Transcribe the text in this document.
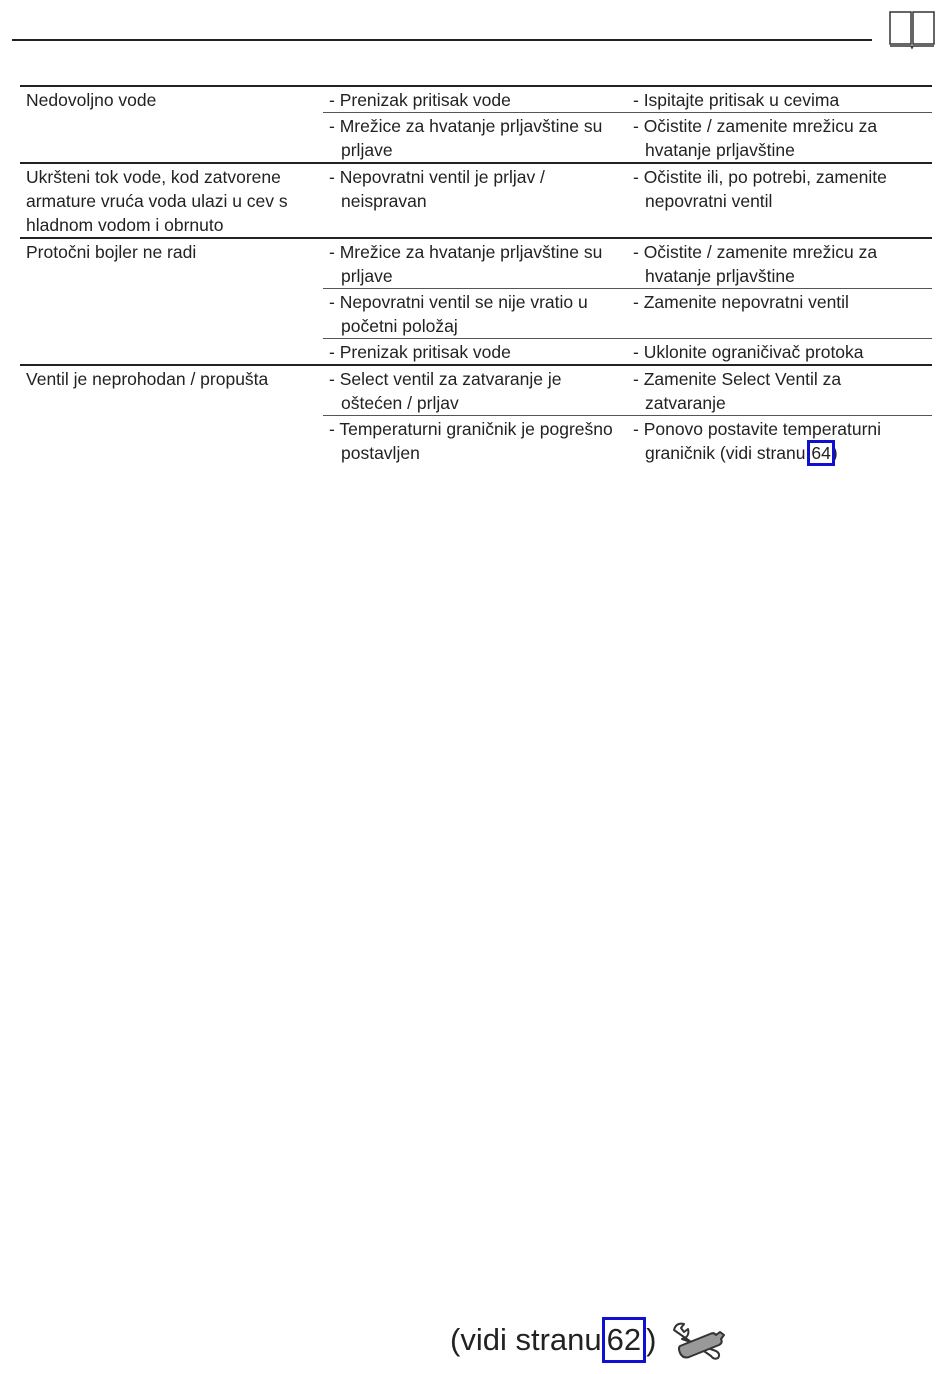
Nedovoljno vode	- Prenizak pritisak vode	- Ispitajte pritisak u cevima
	- Mrežice za hvatanje prljavštine su prljave	- Očistite / zamenite mrežicu za hvatanje prljavštine
Ukršteni tok vode, kod zatvorene armature vruća voda ulazi u cev s hladnom vodom i obrnuto	- Nepovratni ventil je prljav / neispravan	- Očistite ili, po potrebi, zamenite nepovratni ventil
Protočni bojler ne radi	- Mrežice za hvatanje prljavštine su prljave	- Očistite / zamenite mrežicu za hvatanje prljavštine
	- Nepovratni ventil se nije vratio u početni položaj	- Zamenite nepovratni ventil
	- Prenizak pritisak vode	- Uklonite ograničivač protoka
Ventil je neprohodan / propušta	- Select ventil za zatvaranje je oštećen / prljav	- Zamenite Select Ventil za zatvaranje
	- Temperaturni graničnik je pogrešno postavljen	- Ponovo postavite temperaturni graničnik (vidi stranu 64)
(vidi stranu 62 )
